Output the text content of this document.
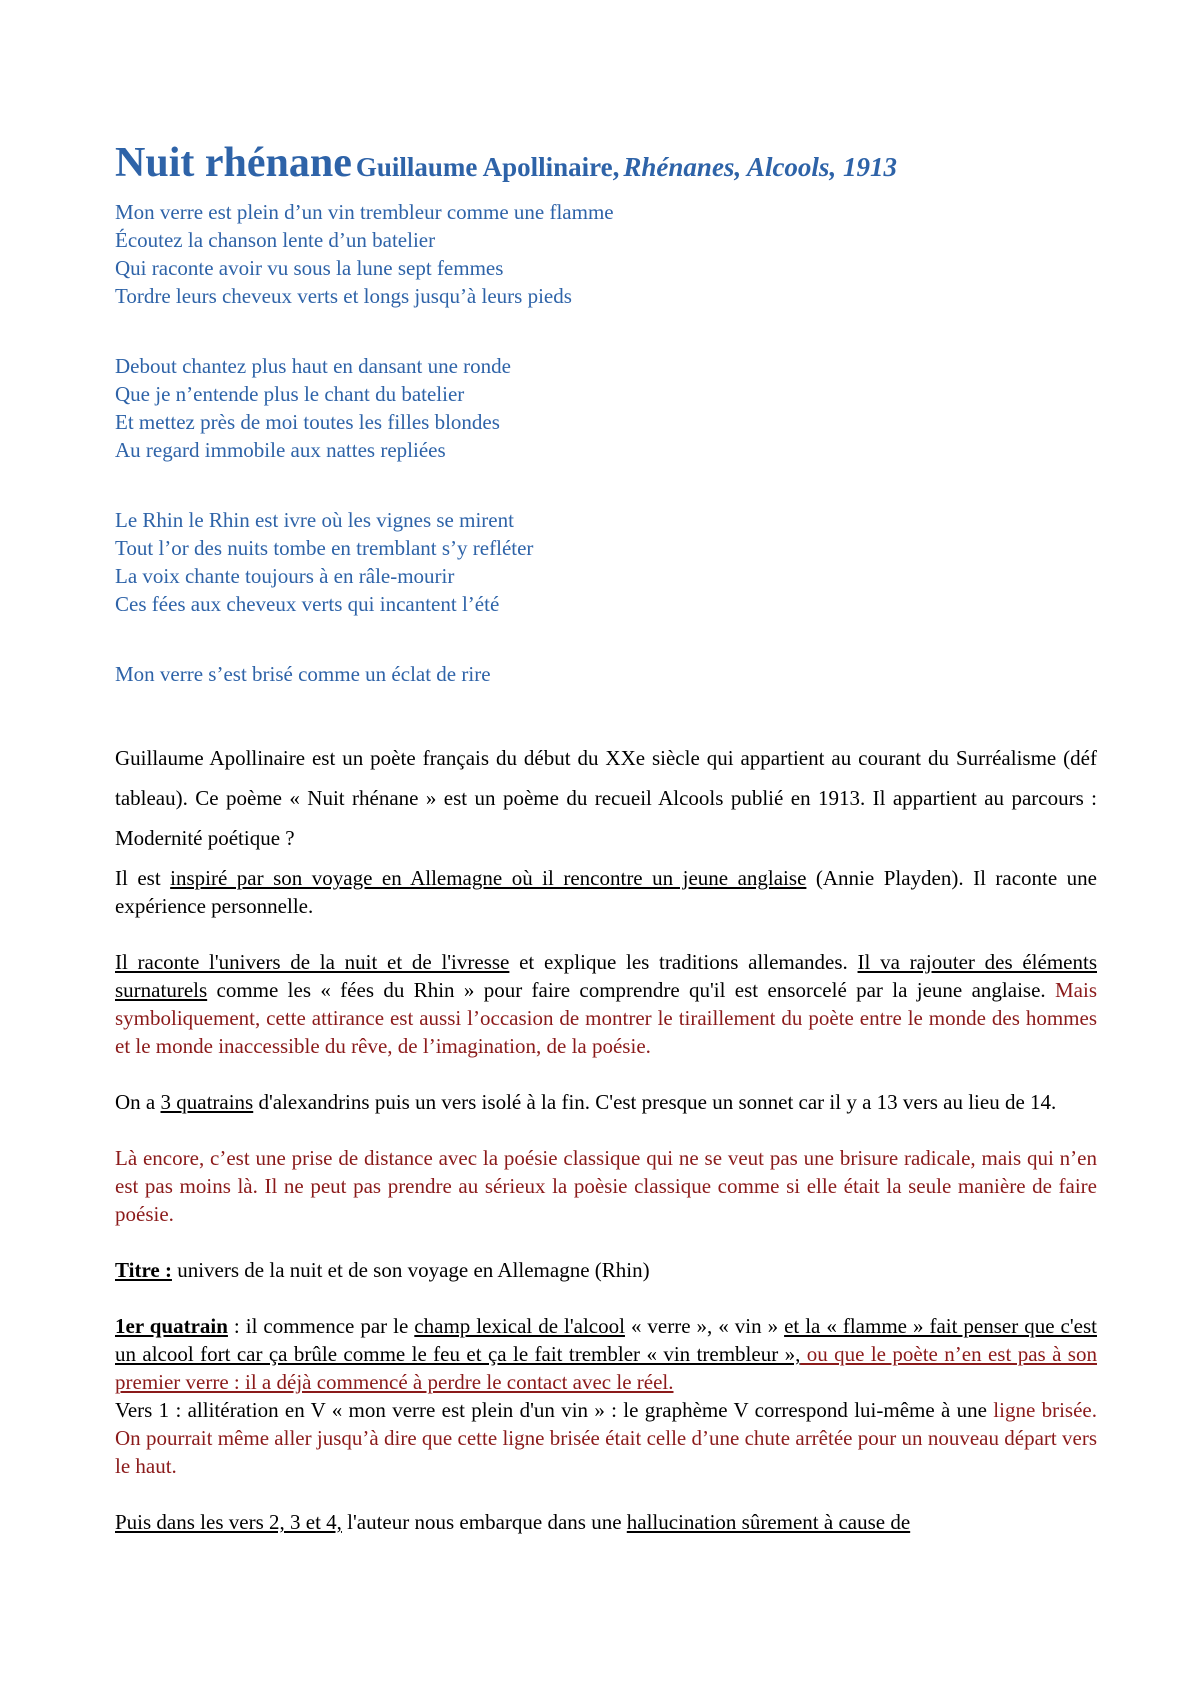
Nuit rhénane Guillaume Apollinaire, Rhénanes, Alcools, 1913
Mon verre est plein d’un vin trembleur comme une flamme
Écoutez la chanson lente d’un batelier
Qui raconte avoir vu sous la lune sept femmes
Tordre leurs cheveux verts et longs jusqu’à leurs pieds
Debout chantez plus haut en dansant une ronde
Que je n’entende plus le chant du batelier
Et mettez près de moi toutes les filles blondes
Au regard immobile aux nattes repliées
Le Rhin le Rhin est ivre où les vignes se mirent
Tout l’or des nuits tombe en tremblant s’y refléter
La voix chante toujours à en râle-mourir
Ces fées aux cheveux verts qui incantent l’été
Mon verre s’est brisé comme un éclat de rire

Guillaume Apollinaire est un poète français du début du XXe siècle qui appartient au courant du Surréalisme (déf tableau). Ce poème « Nuit rhénane » est un poème du recueil Alcools publié en 1913. Il appartient au parcours : Modernité poétique ?

Il est inspiré par son voyage en Allemagne où il rencontre un jeune anglaise (Annie Playden). Il raconte une expérience personnelle.

Il raconte l'univers de la nuit et de l'ivresse et explique les traditions allemandes. Il va rajouter des éléments surnaturels comme les « fées du Rhin » pour faire comprendre qu'il est ensorcelé par la jeune anglaise. Mais symboliquement, cette attirance est aussi l’occasion de montrer le tiraillement du poète entre le monde des hommes et le monde inaccessible du rêve, de l’imagination, de la poésie.

On a 3 quatrains d'alexandrins puis un vers isolé à la fin. C'est presque un sonnet car il y a 13 vers au lieu de 14.

Là encore, c’est une prise de distance avec la poésie classique qui ne se veut pas une brisure radicale, mais qui n’en est pas moins là. Il ne peut pas prendre au sérieux la poèsie classique comme si elle était la seule manière de faire poésie.

Titre : univers de la nuit et de son voyage en Allemagne (Rhin)

1er quatrain : il commence par le champ lexical de l'alcool « verre », « vin » et la « flamme » fait penser que c'est un alcool fort car ça brûle comme le feu et ça le fait trembler « vin trembleur », ou que le poète n’en est pas à son premier verre : il a déjà commencé à perdre le contact avec le réel.

Vers 1 : allitération en V « mon verre est plein d'un vin » : le graphème V correspond lui-même à une ligne brisée. On pourrait même aller jusqu’à dire que cette ligne brisée était celle d’une chute arrêtée pour un nouveau départ vers le haut.

Puis dans les vers 2, 3 et 4, l'auteur nous embarque dans une hallucination sûrement à cause de
